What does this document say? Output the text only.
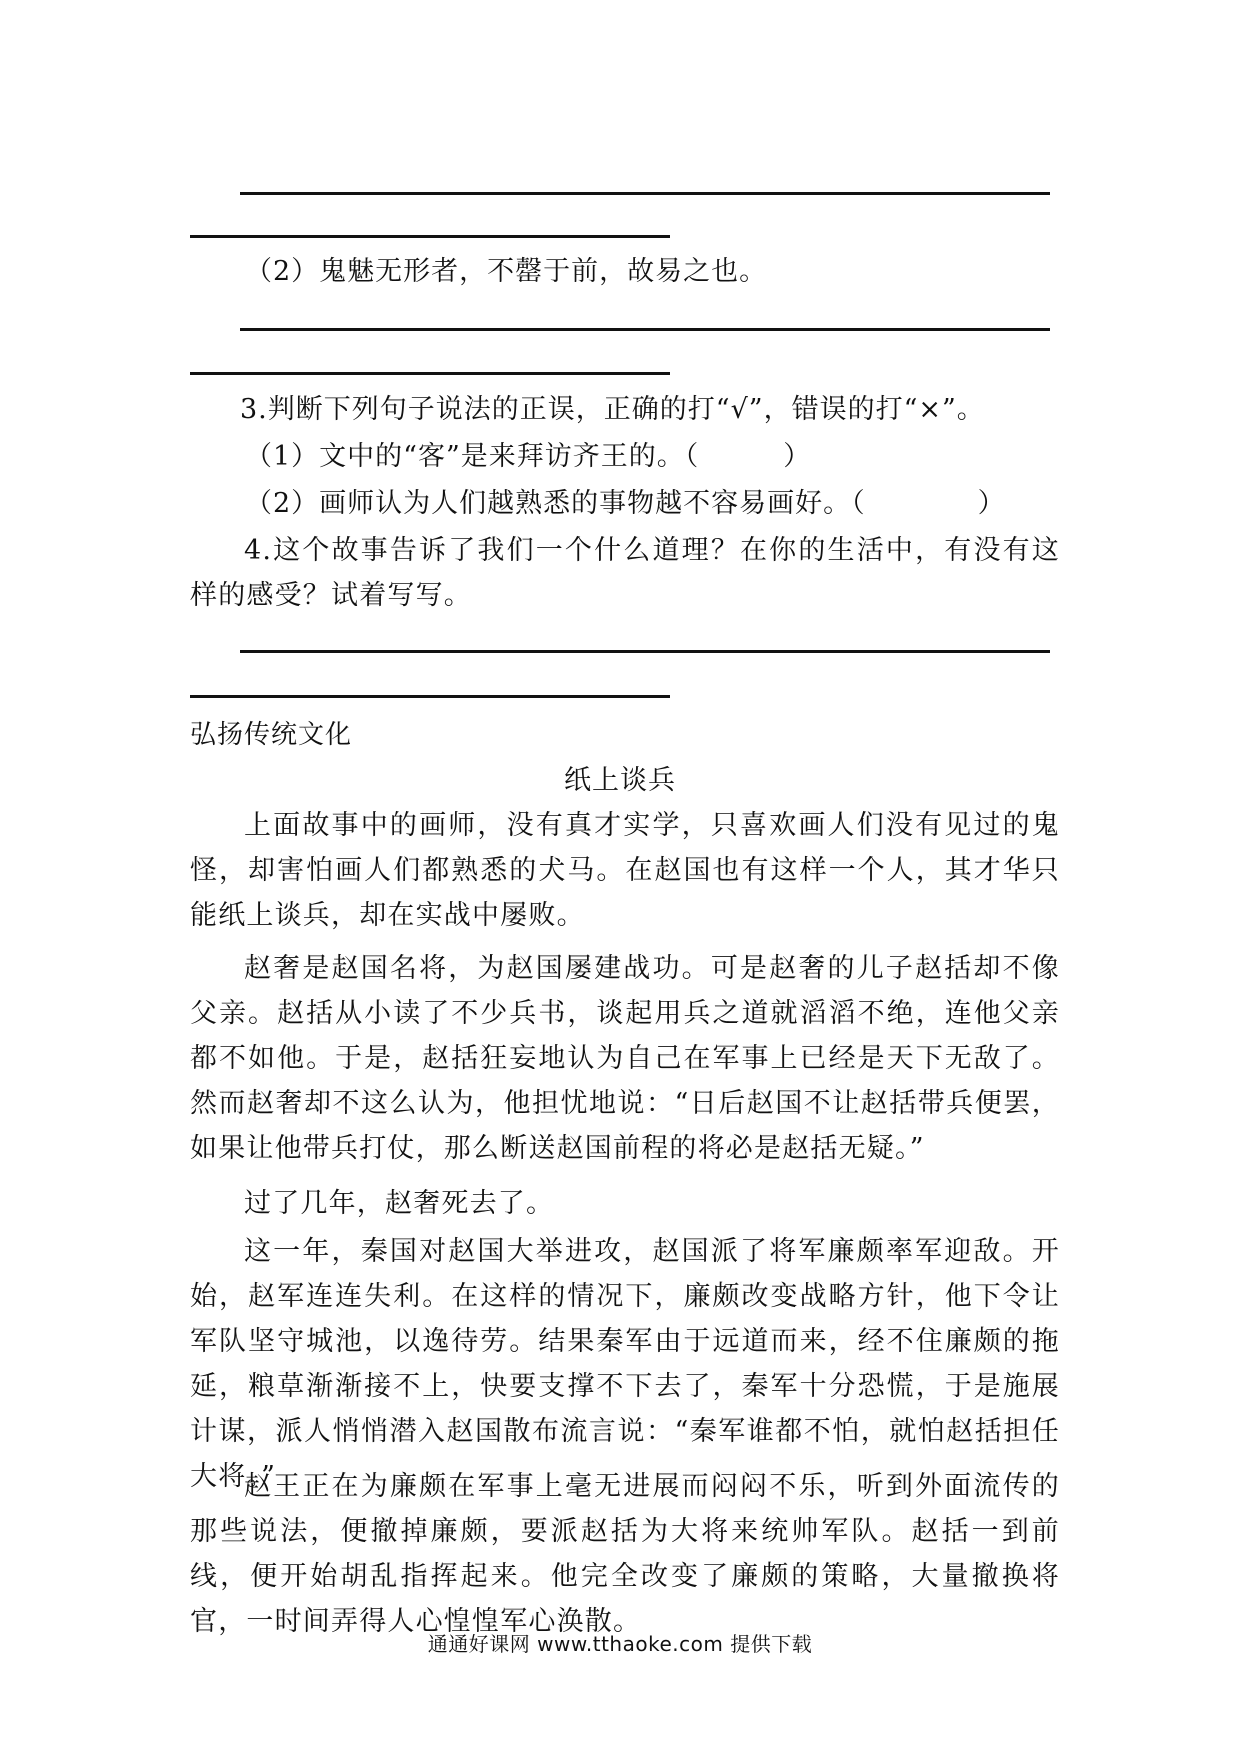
（2）鬼魅无形者，不罄于前，故易之也。
3.判断下列句子说法的正误，正确的打“√”，错误的打“×”。
（1）文中的“客”是来拜访齐王的。（　　　）
（2）画师认为人们越熟悉的事物越不容易画好。（　　　　）
4.这个故事告诉了我们一个什么道理？在你的生活中，有没有这样的感受？试着写写。
弘扬传统文化
纸上谈兵
上面故事中的画师，没有真才实学，只喜欢画人们没有见过的鬼怪，却害怕画人们都熟悉的犬马。在赵国也有这样一个人，其才华只能纸上谈兵，却在实战中屡败。
赵奢是赵国名将，为赵国屡建战功。可是赵奢的儿子赵括却不像父亲。赵括从小读了不少兵书，谈起用兵之道就滔滔不绝，连他父亲都不如他。于是，赵括狂妄地认为自己在军事上已经是天下无敌了。然而赵奢却不这么认为，他担忧地说：“日后赵国不让赵括带兵便罢，如果让他带兵打仗，那么断送赵国前程的将必是赵括无疑。”
过了几年，赵奢死去了。
这一年，秦国对赵国大举进攻，赵国派了将军廉颇率军迎敌。开始，赵军连连失利。在这样的情况下，廉颇改变战略方针，他下令让军队坚守城池，以逸待劳。结果秦军由于远道而来，经不住廉颇的拖延，粮草渐渐接不上，快要支撑不下去了，秦军十分恐慌，于是施展计谋，派人悄悄潜入赵国散布流言说：“秦军谁都不怕，就怕赵括担任大将。”
赵王正在为廉颇在军事上毫无进展而闷闷不乐，听到外面流传的那些说法，便撤掉廉颇，要派赵括为大将来统帅军队。赵括一到前线，便开始胡乱指挥起来。他完全改变了廉颇的策略，大量撤换将官，一时间弄得人心惶惶军心涣散。
通通好课网 www.tthaoke.com 提供下载
